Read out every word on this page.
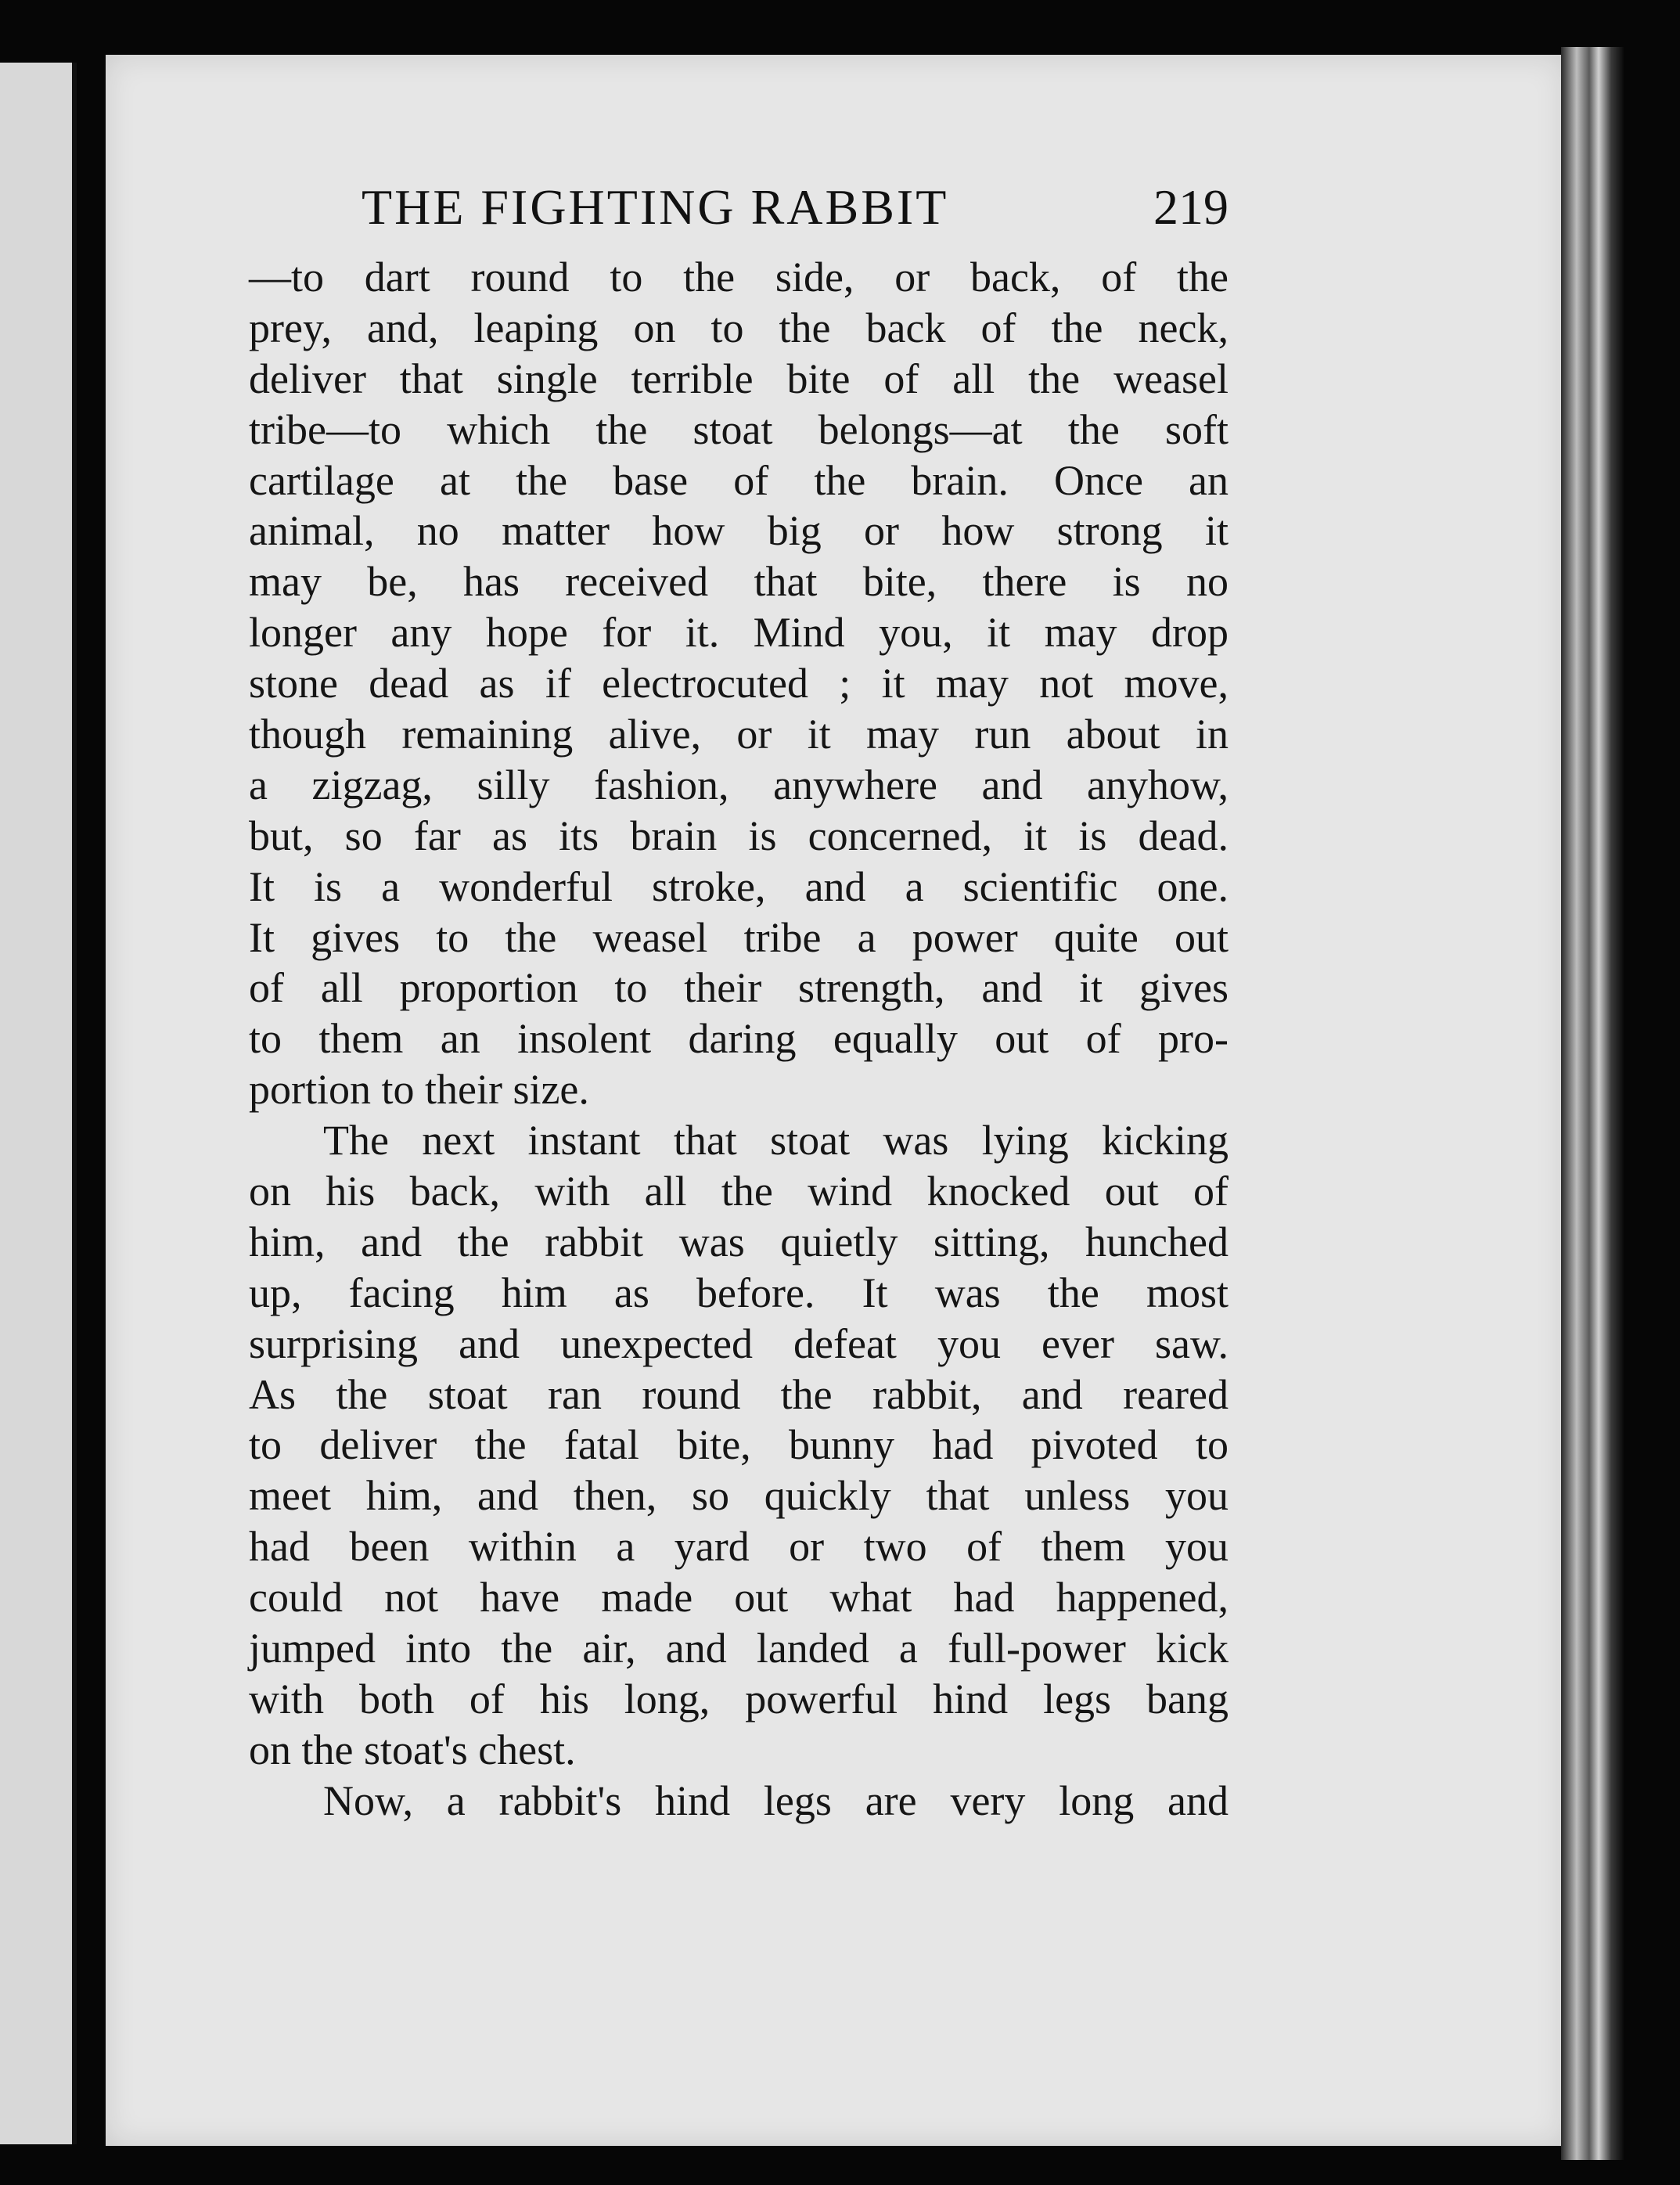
THE FIGHTING RABBIT	219
—to dart round to the side, or back, of the
prey, and, leaping on to the back of the neck,
deliver that single terrible bite of all the weasel
tribe—to which the stoat belongs—at the soft
cartilage at the base of the brain. Once an
animal, no matter how big or how strong it
may be, has received that bite, there is no
longer any hope for it. Mind you, it may drop
stone dead as if electrocuted ; it may not move,
though remaining alive, or it may run about in
a zigzag, silly fashion, anywhere and anyhow,
but, so far as its brain is concerned, it is dead.
It is a wonderful stroke, and a scientific one.
It gives to the weasel tribe a power quite out
of all proportion to their strength, and it gives
to them an insolent daring equally out of pro-
portion to their size.
The next instant that stoat was lying kicking
on his back, with all the wind knocked out of
him, and the rabbit was quietly sitting, hunched
up, facing him as before. It was the most
surprising and unexpected defeat you ever saw.
As the stoat ran round the rabbit, and reared
to deliver the fatal bite, bunny had pivoted to
meet him, and then, so quickly that unless you
had been within a yard or two of them you
could not have made out what had happened,
jumped into the air, and landed a full-power kick
with both of his long, powerful hind legs bang
on the stoat's chest.
Now, a rabbit's hind legs are very long and
